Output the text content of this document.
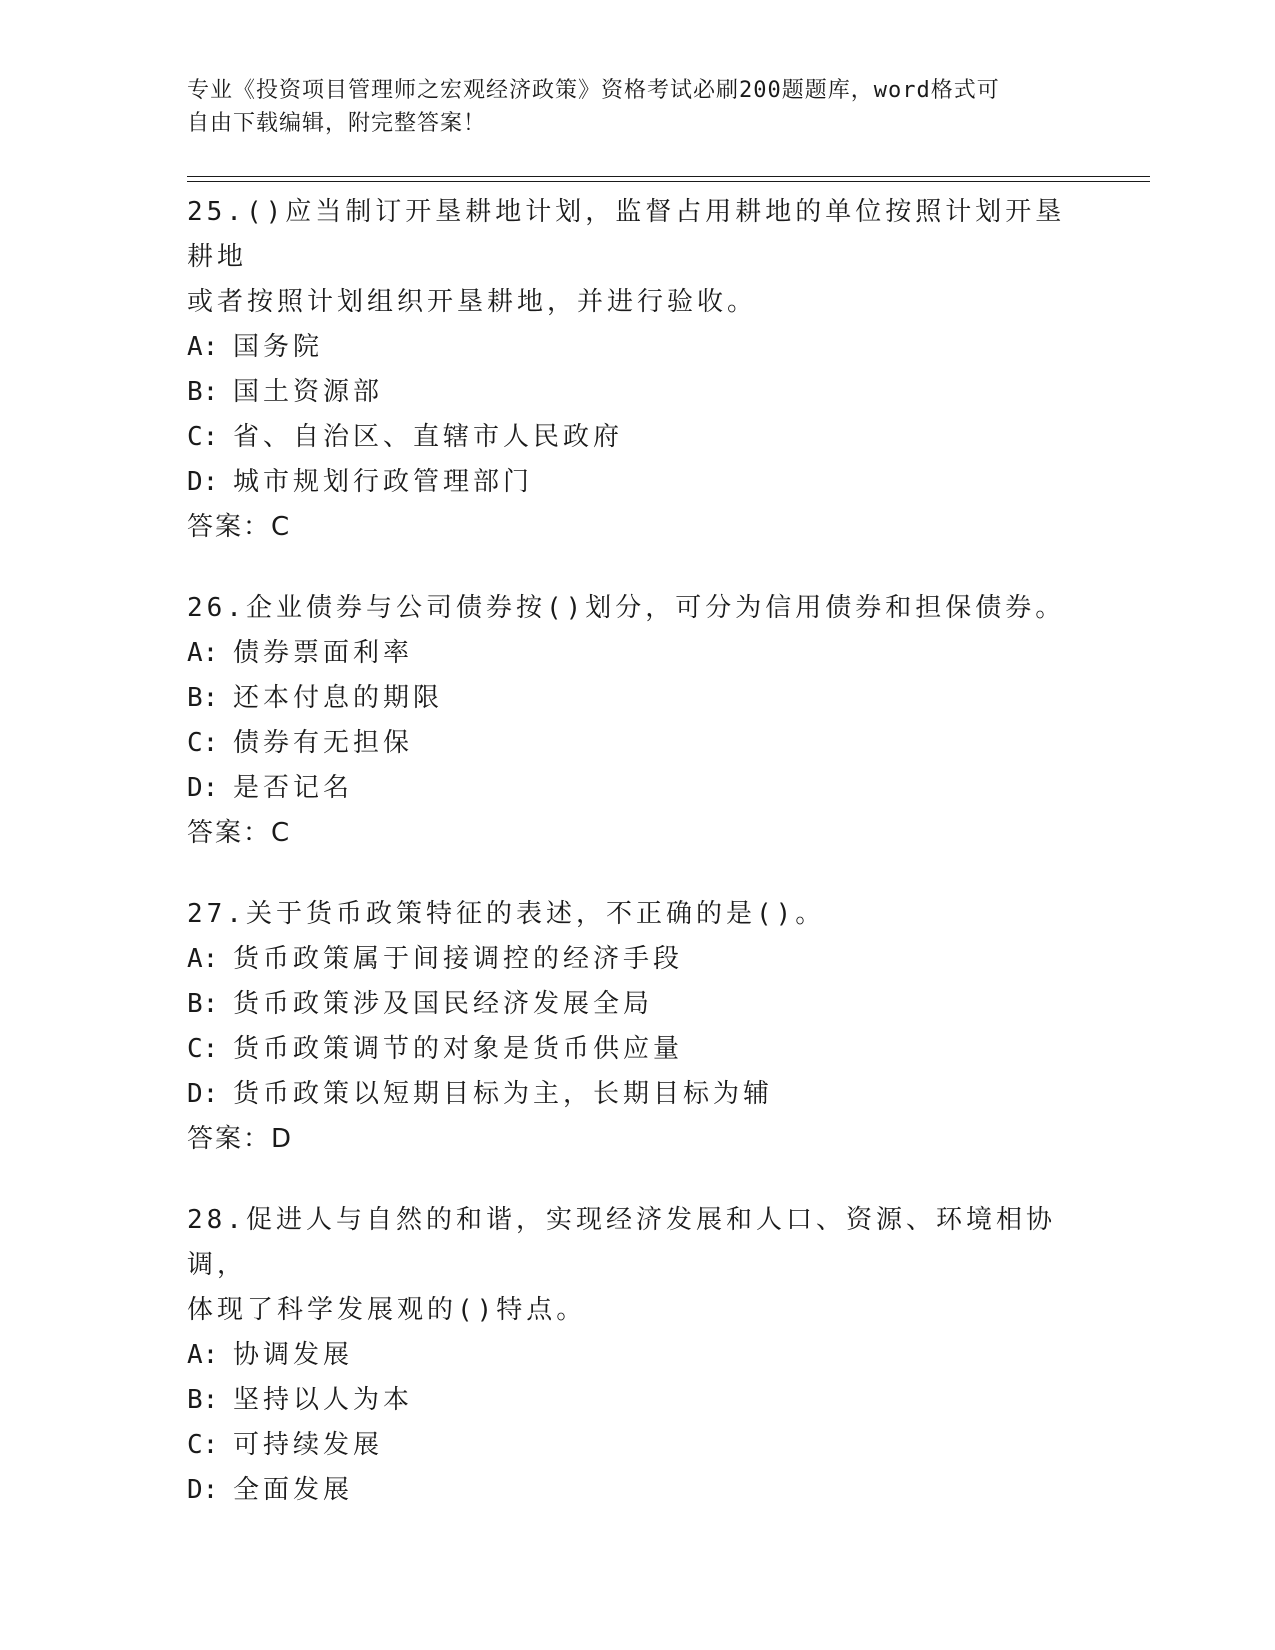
专业《投资项目管理师之宏观经济政策》资格考试必刷200题题库，word格式可
自由下载编辑，附完整答案！
25.()应当制订开垦耕地计划，监督占用耕地的单位按照计划开垦耕地
或者按照计划组织开垦耕地，并进行验收。
A: 国务院
B: 国土资源部
C: 省、自治区、直辖市人民政府
D: 城市规划行政管理部门
答案：C
26.企业债券与公司债券按()划分，可分为信用债券和担保债券。
A: 债券票面利率
B: 还本付息的期限
C: 债券有无担保
D: 是否记名
答案：C
27.关于货币政策特征的表述，不正确的是()。
A: 货币政策属于间接调控的经济手段
B: 货币政策涉及国民经济发展全局
C: 货币政策调节的对象是货币供应量
D: 货币政策以短期目标为主，长期目标为辅
答案：D
28.促进人与自然的和谐，实现经济发展和人口、资源、环境相协调，
体现了科学发展观的()特点。
A: 协调发展
B: 坚持以人为本
C: 可持续发展
D: 全面发展
